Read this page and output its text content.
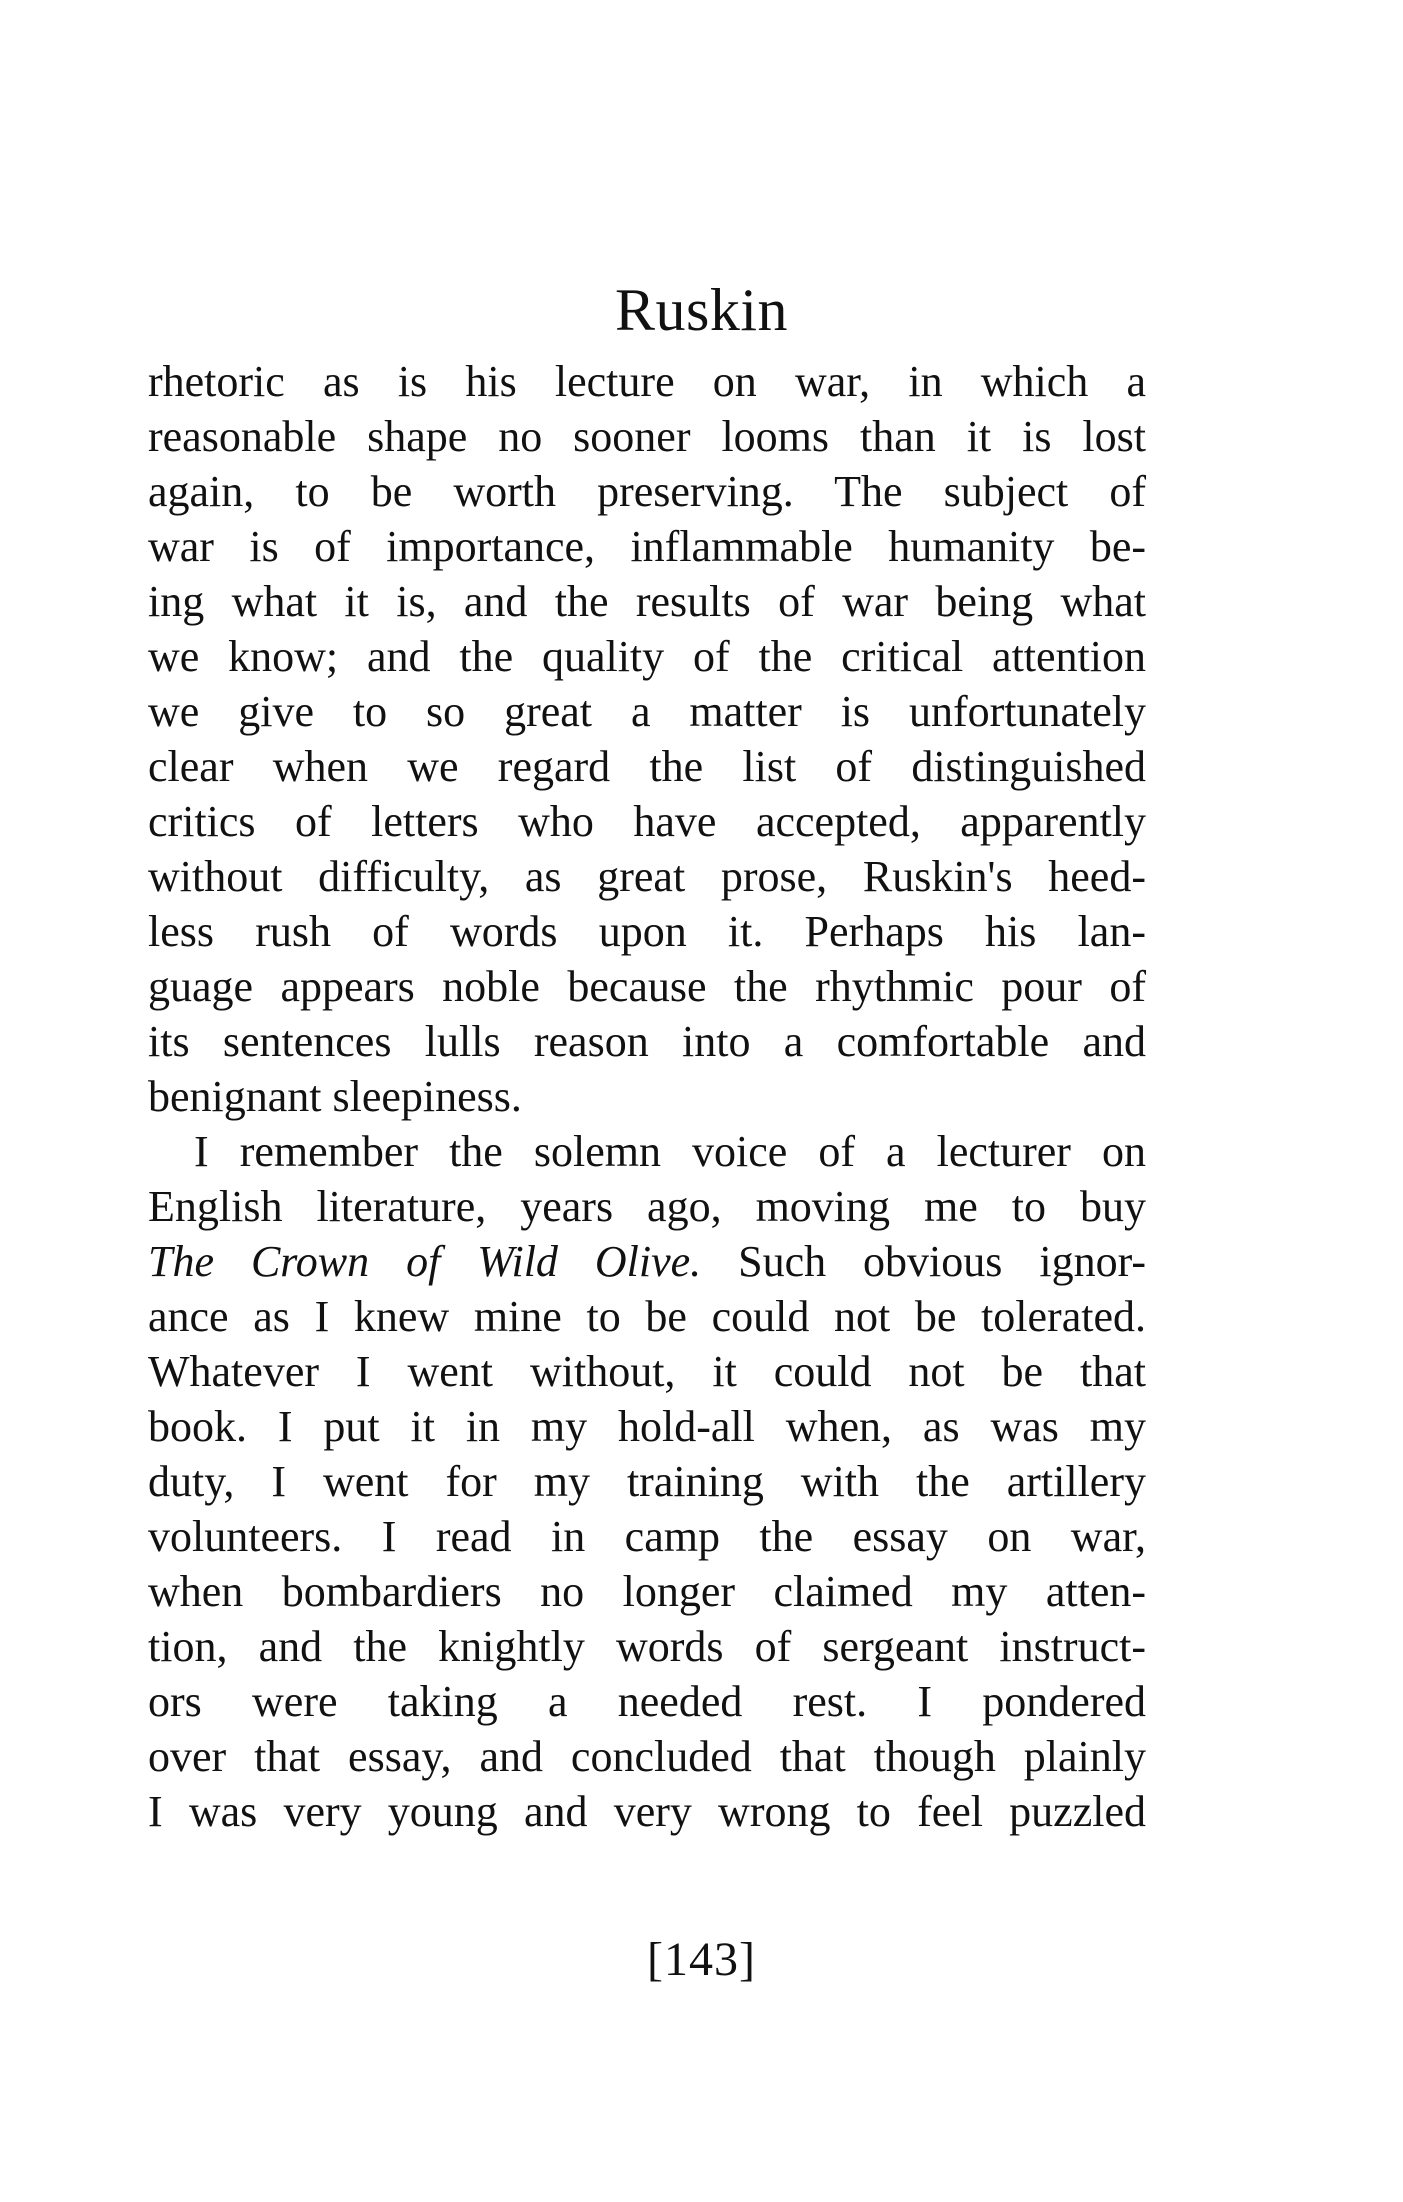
Ruskin
rhetoric as is his lecture on war, in which a
reasonable shape no sooner looms than it is lost
again, to be worth preserving. The subject of
war is of importance, inflammable humanity be-
ing what it is, and the results of war being what
we know; and the quality of the critical attention
we give to so great a matter is unfortunately
clear when we regard the list of distinguished
critics of letters who have accepted, apparently
without difficulty, as great prose, Ruskin's heed-
less rush of words upon it. Perhaps his lan-
guage appears noble because the rhythmic pour of
its sentences lulls reason into a comfortable and
benignant sleepiness.
I remember the solemn voice of a lecturer on
English literature, years ago, moving me to buy
The Crown of Wild Olive. Such obvious ignor-
ance as I knew mine to be could not be tolerated.
Whatever I went without, it could not be that
book. I put it in my hold-all when, as was my
duty, I went for my training with the artillery
volunteers. I read in camp the essay on war,
when bombardiers no longer claimed my atten-
tion, and the knightly words of sergeant instruct-
ors were taking a needed rest. I pondered
over that essay, and concluded that though plainly
I was very young and very wrong to feel puzzled
[143]
